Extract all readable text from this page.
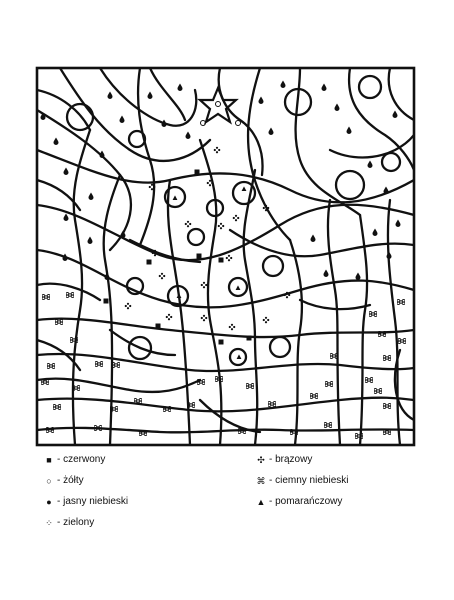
■ - czerwony
○ - żółty
● - jasny niebieski
⁘ - zielony
✣ - brązowy
⌘ - ciemny niebieski
▲ - pomarańczowy
